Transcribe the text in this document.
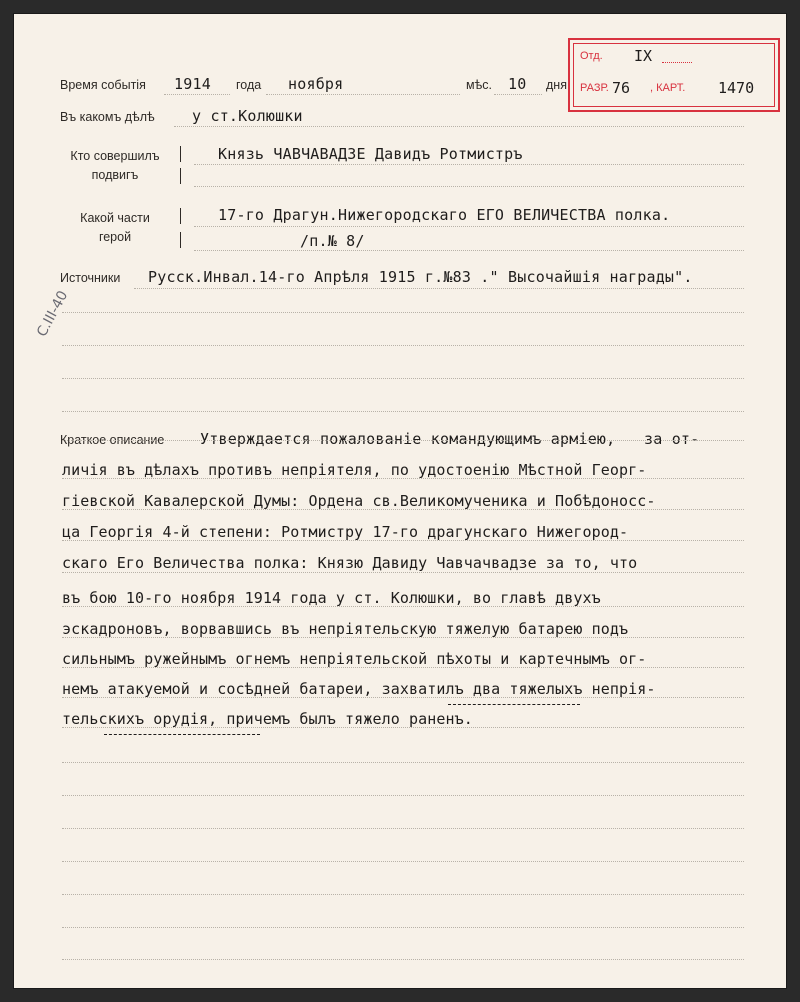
Отд. IX
РАЗР. 76 , КАРТ. 1470
Время событія 1914 года ноября	мѣс. 10 дня
Въ какомъ дѣлѣ у ст.Колюшки
Кто совершилъ
подвигъ
Князь ЧАВЧАВАДЗЕ Давидъ Ротмистръ
Какой части
герой
17-го Драгун.Нижегородскаго ЕГО ВЕЛИЧЕСТВА полка.
/п.№ 8/
Источники Русск.Инвал.14-го Апрѣля 1915 г.№83 ." Высочайшія награды".
С.III-40
Краткое описание Утверждается пожалованіе командующимъ арміею, за от-
личія въ дѣлахъ противъ непріятеля, по удостоенію Мѣстной Георг-
гіевской Кавалерской Думы: Ордена св.Великомученика и Побѣдоносс-
ца Георгія 4-й степени: Ротмистру 17-го драгунскаго Нижегород-
скаго Его Величества полка: Князю Давиду Чавчачвадзе за то, что
въ бою 10-го ноября 1914 года у ст. Колюшки, во главѣ двухъ
эскадроновъ, ворвавшись въ непріятельскую тяжелую батарею подъ
сильнымъ ружейнымъ огнемъ непріятельской пѣхоты и картечнымъ ог-
немъ атакуемой и сосѣдней батареи, захватилъ два тяжелыхъ непрія-
тельскихъ орудія, причемъ былъ тяжело раненъ.
